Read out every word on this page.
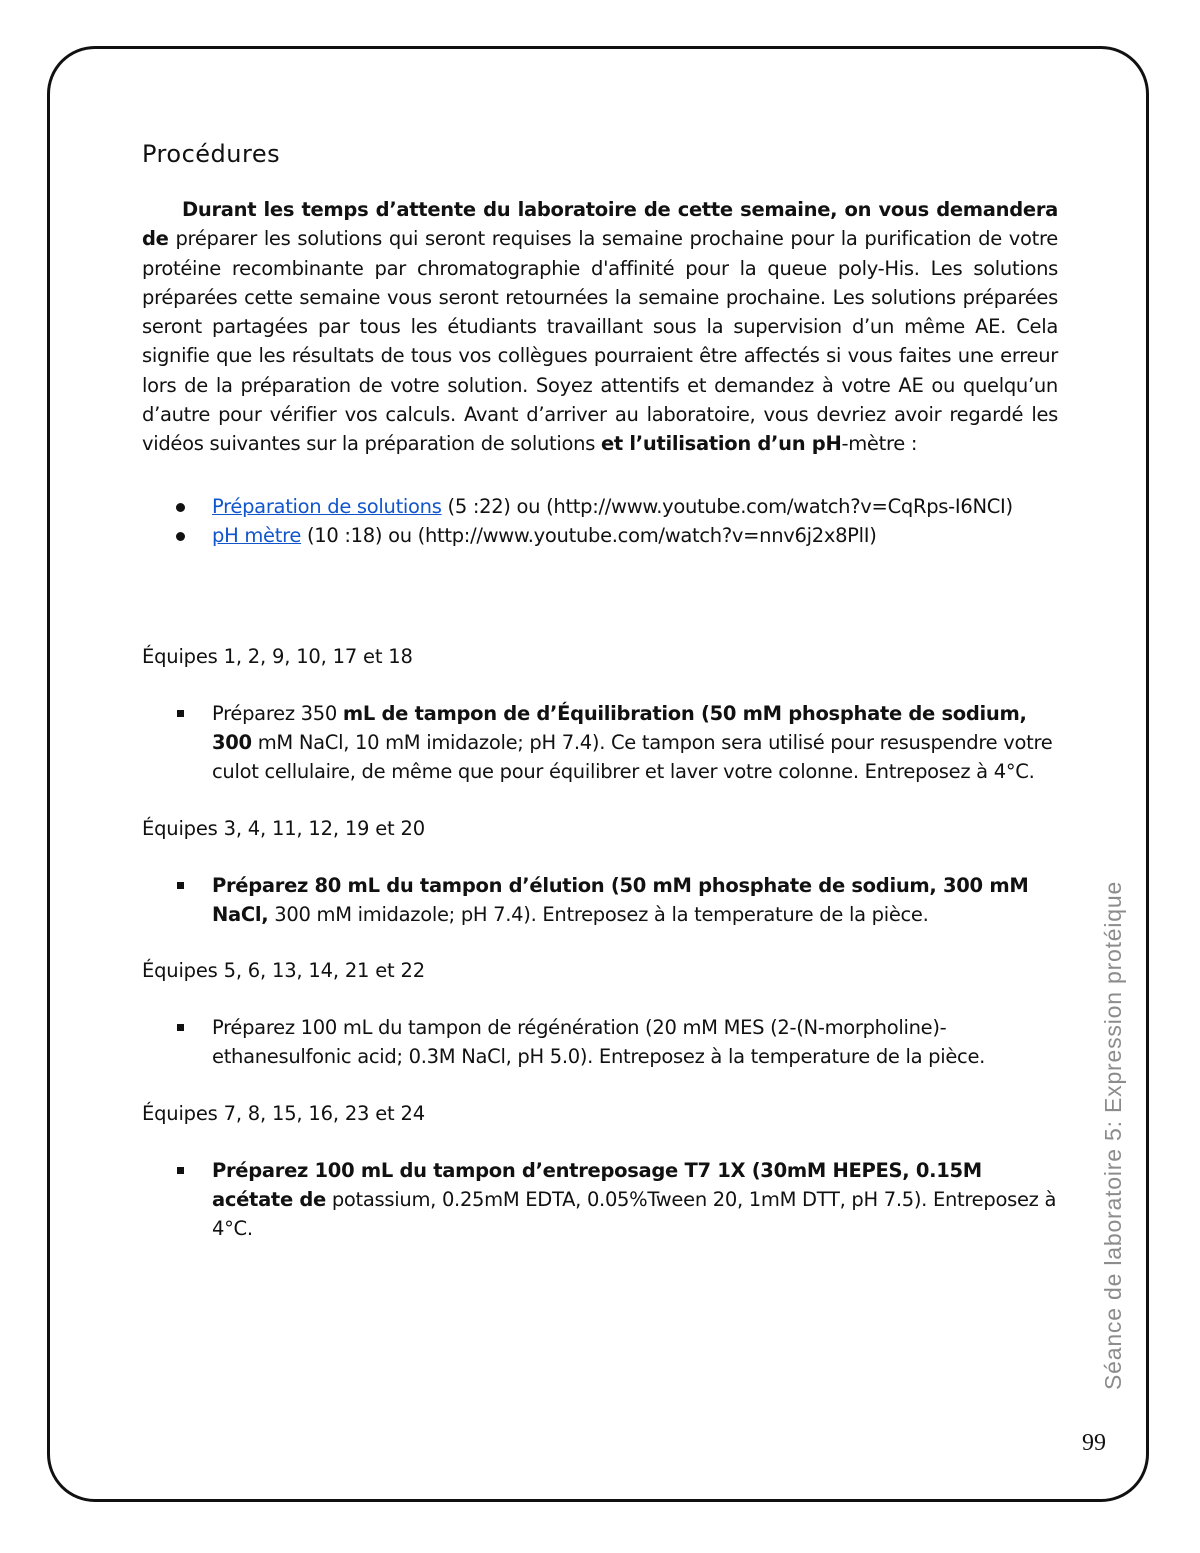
Procédures

Durant les temps d’attente du laboratoire de cette semaine, on vous demandera de préparer les solutions qui seront requises la semaine prochaine pour la purification de votre protéine recombinante par chromatographie d'affinité pour la queue poly-His. Les solutions préparées cette semaine vous seront retournées la semaine prochaine. Les solutions préparées seront partagées par tous les étudiants travaillant sous la supervision d’un même AE. Cela signifie que les résultats de tous vos collègues pourraient être affectés si vous faites une erreur lors de la préparation de votre solution. Soyez attentifs et demandez à votre AE ou quelqu’un d’autre pour vérifier vos calculs. Avant d’arriver au laboratoire, vous devriez avoir regardé les vidéos suivantes sur la préparation de solutions et l’utilisation d’un pH-mètre :

Préparation de solutions (5 :22) ou (http://www.youtube.com/watch?v=CqRps-I6NCI)
pH mètre (10 :18) ou (http://www.youtube.com/watch?v=nnv6j2x8PlI)

Équipes 1, 2, 9, 10, 17 et 18

Préparez 350 mL de tampon de d’Équilibration (50 mM phosphate de sodium, 300 mM NaCl, 10 mM imidazole; pH 7.4). Ce tampon sera utilisé pour resuspendre votre culot cellulaire, de même que pour équilibrer et laver votre colonne. Entreposez à 4°C.

Équipes 3, 4, 11, 12, 19 et 20

Préparez 80 mL du tampon d’élution (50 mM phosphate de sodium, 300 mM NaCl, 300 mM imidazole; pH 7.4). Entreposez à la temperature de la pièce.

Équipes 5, 6, 13, 14, 21 et 22

Préparez 100 mL du tampon de régénération (20 mM MES (2-(N-morpholine)-ethanesulfonic acid; 0.3M NaCl, pH 5.0). Entreposez à la temperature de la pièce.

Équipes 7, 8, 15, 16, 23 et 24

Préparez 100 mL du tampon d’entreposage T7 1X (30mM HEPES, 0.15M acétate de potassium, 0.25mM EDTA, 0.05%Tween 20, 1mM DTT, pH 7.5). Entreposez à 4°C.	Séance de laboratoire 5: Expression protéique
99
